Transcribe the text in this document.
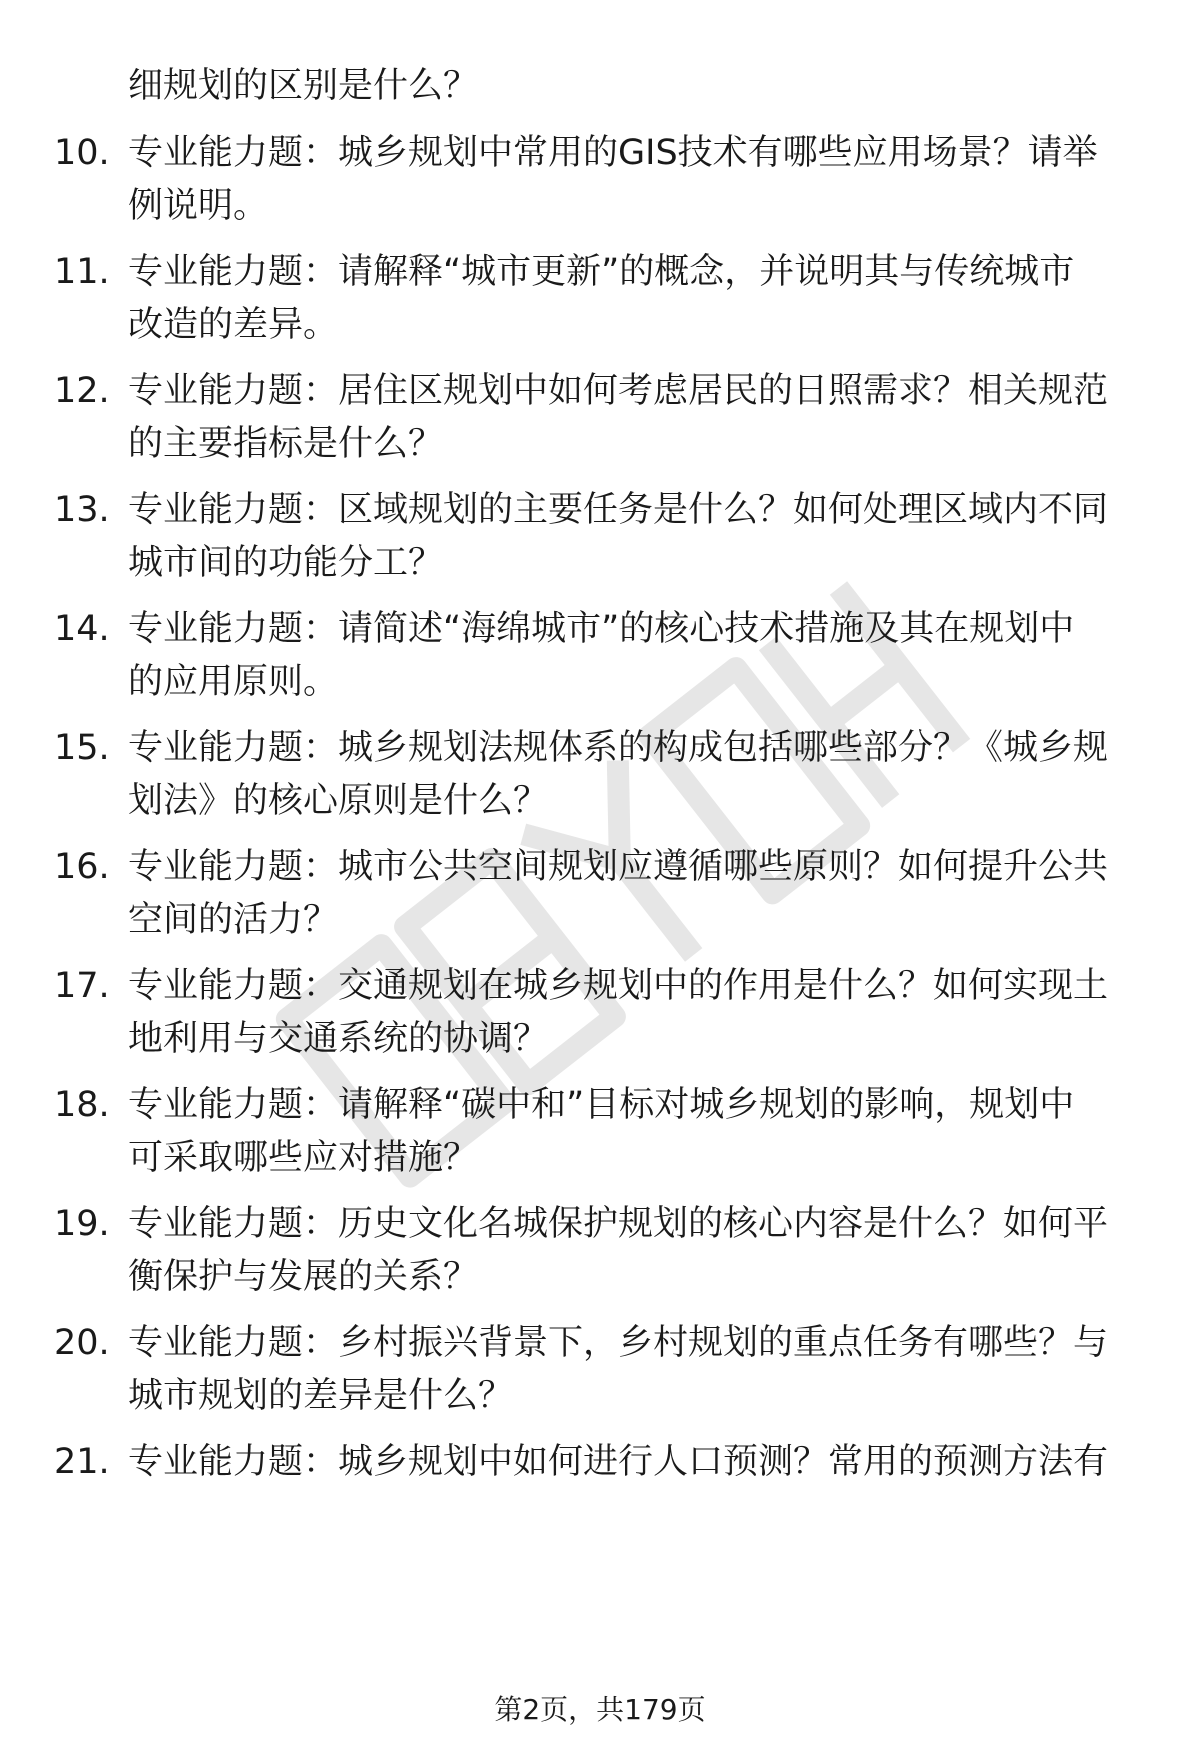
细规划的区别是什么？
10. 专业能力题：城乡规划中常用的GIS技术有哪些应用场景？请举
例说明。
11. 专业能力题：请解释“城市更新”的概念，并说明其与传统城市
改造的差异。
12. 专业能力题：居住区规划中如何考虑居民的日照需求？相关规范
的主要指标是什么？
13. 专业能力题：区域规划的主要任务是什么？如何处理区域内不同
城市间的功能分工？
14. 专业能力题：请简述“海绵城市”的核心技术措施及其在规划中
的应用原则。
15. 专业能力题：城乡规划法规体系的构成包括哪些部分？《城乡规
划法》的核心原则是什么？
16. 专业能力题：城市公共空间规划应遵循哪些原则？如何提升公共
空间的活力？
17. 专业能力题：交通规划在城乡规划中的作用是什么？如何实现土
地利用与交通系统的协调？
18. 专业能力题：请解释“碳中和”目标对城乡规划的影响，规划中
可采取哪些应对措施？
19. 专业能力题：历史文化名城保护规划的核心内容是什么？如何平
衡保护与发展的关系？
20. 专业能力题：乡村振兴背景下，乡村规划的重点任务有哪些？与
城市规划的差异是什么？
21. 专业能力题：城乡规划中如何进行人口预测？常用的预测方法有
第2页，共179页
